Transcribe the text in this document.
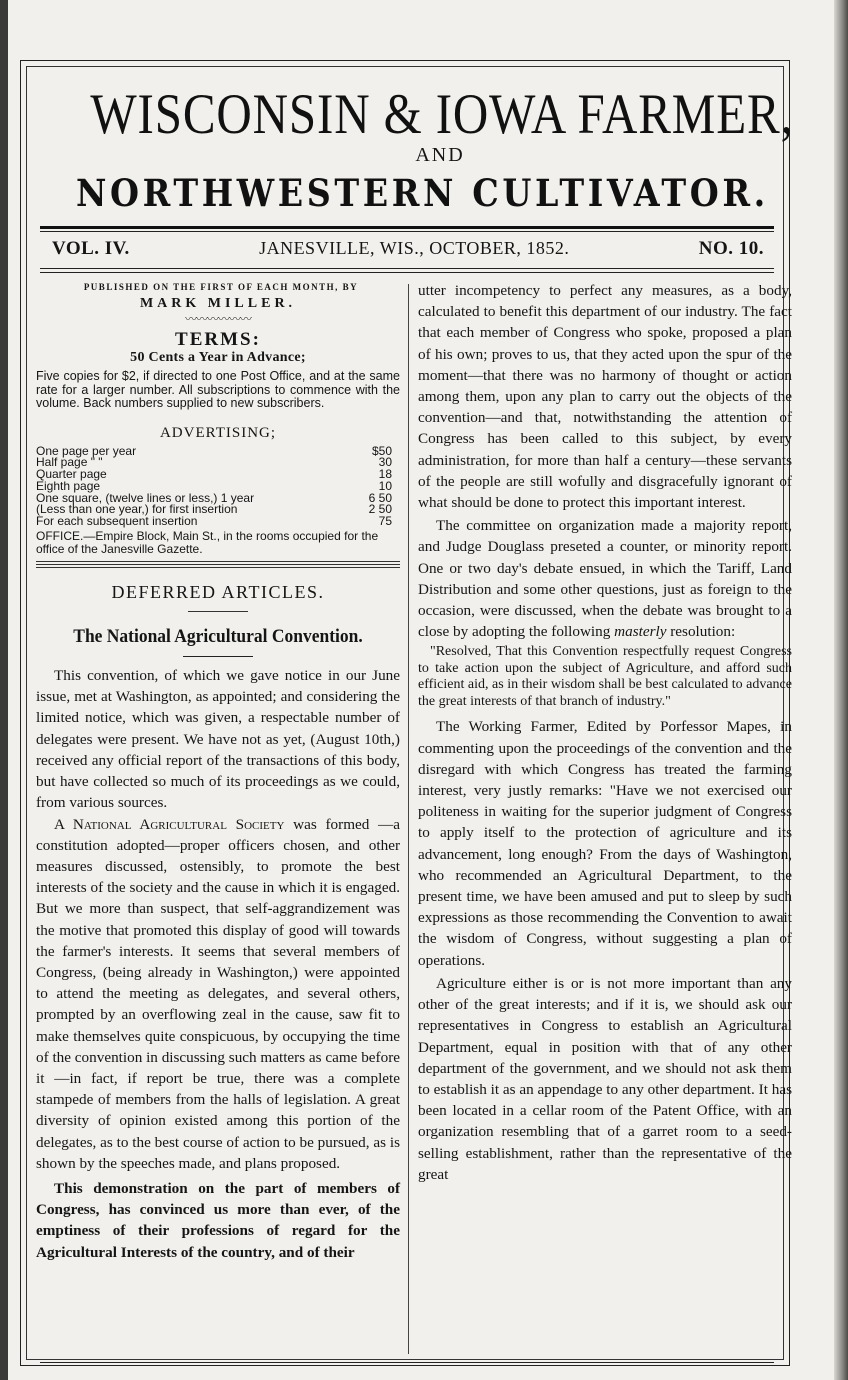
WISCONSIN & IOWA FARMER,
AND
NORTHWESTERN CULTIVATOR.
VOL. IV.	JANESVILLE, WIS., OCTOBER, 1852.	NO. 10.
PUBLISHED ON THE FIRST OF EACH MONTH, BY
MARK MILLER.
〰〰〰〰〰〰
TERMS:
50 Cents a Year in Advance;
Five copies for $2, if directed to one Post Office, and at the same rate for a larger number. All subscriptions to commence with the volume. Back numbers supplied to new subscribers.
ADVERTISING;
One page per year	$50
Half page " "	30
Quarter page	18
Eighth page	10
One square, (twelve lines or less,) 1 year	6 50
(Less than one year,) for first insertion	2 50
For each subsequent insertion	75
OFFICE.—Empire Block, Main St., in the rooms occupied for the office of the Janesville Gazette.
DEFERRED ARTICLES.
The National Agricultural Convention.

This convention, of which we gave notice in our June issue, met at Washington, as appointed; and considering the limited notice, which was given, a respectable number of delegates were present. We have not as yet, (August 10th,) received any official report of the transactions of this body, but have collected so much of its proceedings as we could, from various sources.

A National Agricultural Society was formed —a constitution adopted—proper officers chosen, and other measures discussed, ostensibly, to promote the best interests of the society and the cause in which it is engaged. But we more than suspect, that self-aggrandizement was the motive that promoted this display of good will towards the farmer's interests. It seems that several members of Congress, (being already in Washington,) were appointed to attend the meeting as delegates, and several others, prompted by an overflowing zeal in the cause, saw fit to make themselves quite conspicuous, by occupying the time of the convention in discussing such matters as came before it —in fact, if report be true, there was a complete stampede of members from the halls of legislation. A great diversity of opinion existed among this portion of the delegates, as to the best course of action to be pursued, as is shown by the speeches made, and plans proposed.

This demonstration on the part of members of Congress, has convinced us more than ever, of the emptiness of their professions of regard for the Agricultural Interests of the country, and of their

utter incompetency to perfect any measures, as a body, calculated to benefit this department of our industry. The fact that each member of Congress who spoke, proposed a plan of his own; proves to us, that they acted upon the spur of the moment—that there was no harmony of thought or action among them, upon any plan to carry out the objects of the convention—and that, notwithstanding the attention of Congress has been called to this subject, by every administration, for more than half a century—these servants of the people are still wofully and disgracefully ignorant of what should be done to protect this important interest.

The committee on organization made a majority report, and Judge Douglass preseted a counter, or minority report. One or two day's debate ensued, in which the Tariff, Land Distribution and some other questions, just as foreign to the occasion, were discussed, when the debate was brought to a close by adopting the following masterly resolution:

"Resolved, That this Convention respectfully request Congress to take action upon the subject of Agriculture, and afford such efficient aid, as in their wisdom shall be best calculated to advance the great interests of that branch of industry."

The Working Farmer, Edited by Porfessor Mapes, in commenting upon the proceedings of the convention and the disregard with which Congress has treated the farming interest, very justly remarks: "Have we not exercised our politeness in waiting for the superior judgment of Congress to apply itself to the protection of agriculture and its advancement, long enough? From the days of Washington, who recommended an Agricultural Department, to the present time, we have been amused and put to sleep by such expressions as those recommending the Convention to await the wisdom of Congress, without suggesting a plan of operations.

Agriculture either is or is not more important than any other of the great interests; and if it is, we should ask our representatives in Congress to establish an Agricultural Department, equal in position with that of any other department of the government, and we should not ask them to establish it as an appendage to any other department. It has been located in a cellar room of the Patent Office, with an organization resembling that of a garret room to a seed-selling establishment, rather than the representative of the great
